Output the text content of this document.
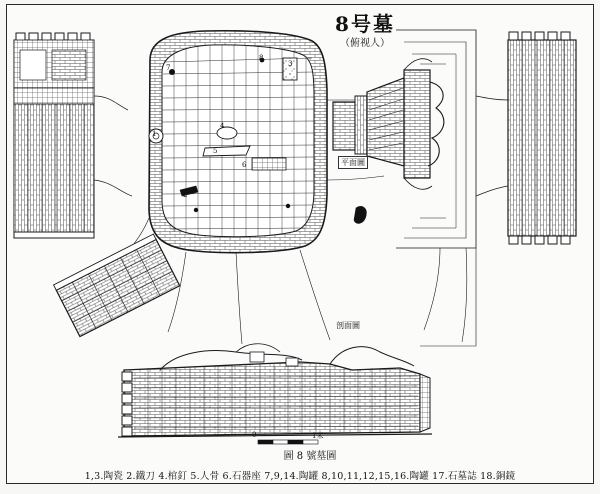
8号墓
（俯视人）
平面圖
剖面圖
0	1米
1
2
3
4
5
6
7
8
9
圖 8 號墓圖
1,3.陶瓷 2.鐵刀 4.棺釘 5.人骨 6.石器座 7,9,14.陶罐 8,10,11,12,15,16.陶罐 17.石墓誌 18.銅鏡
